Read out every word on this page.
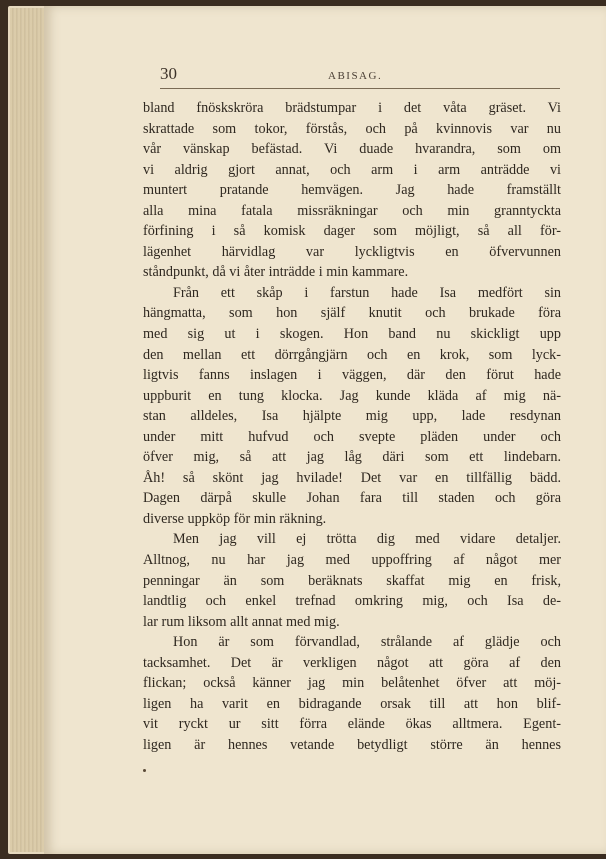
30	ABISAG.
bland fnöskskröra brädstumpar i det våta gräset. Vi
skrattade som tokor, förstås, och på kvinnovis var nu
vår vänskap befästad. Vi duade hvarandra, som om
vi aldrig gjort annat, och arm i arm anträdde vi
muntert pratande hemvägen. Jag hade framställt
alla mina fatala missräkningar och min granntyckta
förfining i så komisk dager som möjligt, så all för-
lägenhet härvidlag var lyckligtvis en öfvervunnen
ståndpunkt, då vi åter inträdde i min kammare.
Från ett skåp i farstun hade Isa medfört sin
hängmatta, som hon själf knutit och brukade föra
med sig ut i skogen. Hon band nu skickligt upp
den mellan ett dörrgångjärn och en krok, som lyck-
ligtvis fanns inslagen i väggen, där den förut hade
uppburit en tung klocka. Jag kunde kläda af mig nä-
stan alldeles, Isa hjälpte mig upp, lade resdynan
under mitt hufvud och svepte pläden under och
öfver mig, så att jag låg däri som ett lindebarn.
Åh! så skönt jag hvilade! Det var en tillfällig bädd.
Dagen därpå skulle Johan fara till staden och göra
diverse uppköp för min räkning.
Men jag vill ej trötta dig med vidare detaljer.
Alltnog, nu har jag med uppoffring af något mer
penningar än som beräknats skaffat mig en frisk,
landtlig och enkel trefnad omkring mig, och Isa de-
lar rum liksom allt annat med mig.
Hon är som förvandlad, strålande af glädje och
tacksamhet. Det är verkligen något att göra af den
flickan; också känner jag min belåtenhet öfver att möj-
ligen ha varit en bidragande orsak till att hon blif-
vit ryckt ur sitt förra elände ökas alltmera. Egent-
ligen är hennes vetande betydligt större än hennes
